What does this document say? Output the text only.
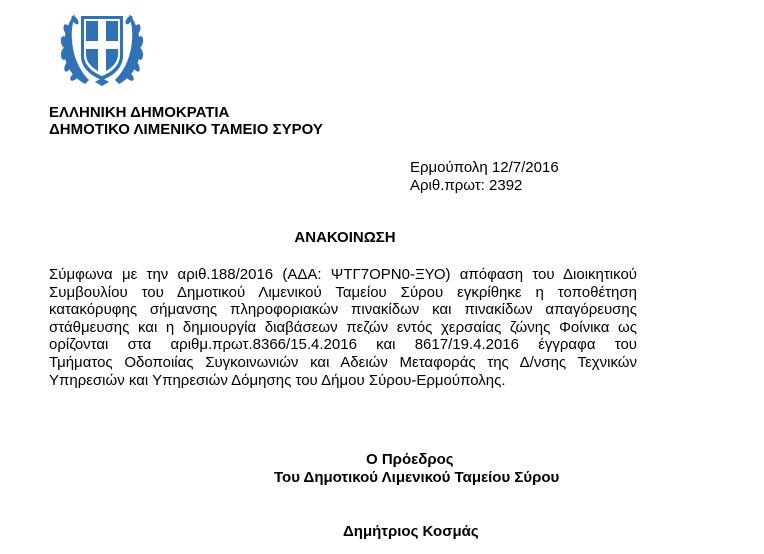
ΕΛΛΗΝΙΚΗ ΔΗΜΟΚΡΑΤΙΑ
ΔΗΜΟΤΙΚΟ ΛΙΜΕΝΙΚΟ ΤΑΜΕΙΟ ΣΥΡΟΥ
Ερμούπολη 12/7/2016
Αριθ.πρωτ: 2392
ΑΝΑΚΟΙΝΩΣΗ
Σύμφωνα με την αριθ.188/2016 (ΑΔΑ: ΨΤΓ7ΟΡΝ0-ΞΥΟ) απόφαση του Διοικητικού
Συμβουλίου του Δημοτικού Λιμενικού Ταμείου Σύρου εγκρίθηκε η τοποθέτηση
κατακόρυφης σήμανσης πληροφοριακών πινακίδων και πινακίδων απαγόρευσης
στάθμευσης και η δημιουργία διαβάσεων πεζών εντός χερσαίας ζώνης Φοίνικα ως
ορίζονται στα αριθμ.πρωτ.8366/15.4.2016 και 8617/19.4.2016 έγγραφα του
Τμήματος Οδοποιίας Συγκοινωνιών και Αδειών Μεταφοράς της Δ/νσης Τεχνικών
Υπηρεσιών και Υπηρεσιών Δόμησης του Δήμου Σύρου-Ερμούπολης.
Ο Πρόεδρος
Του Δημοτικού Λιμενικού Ταμείου Σύρου
Δημήτριος Κοσμάς
